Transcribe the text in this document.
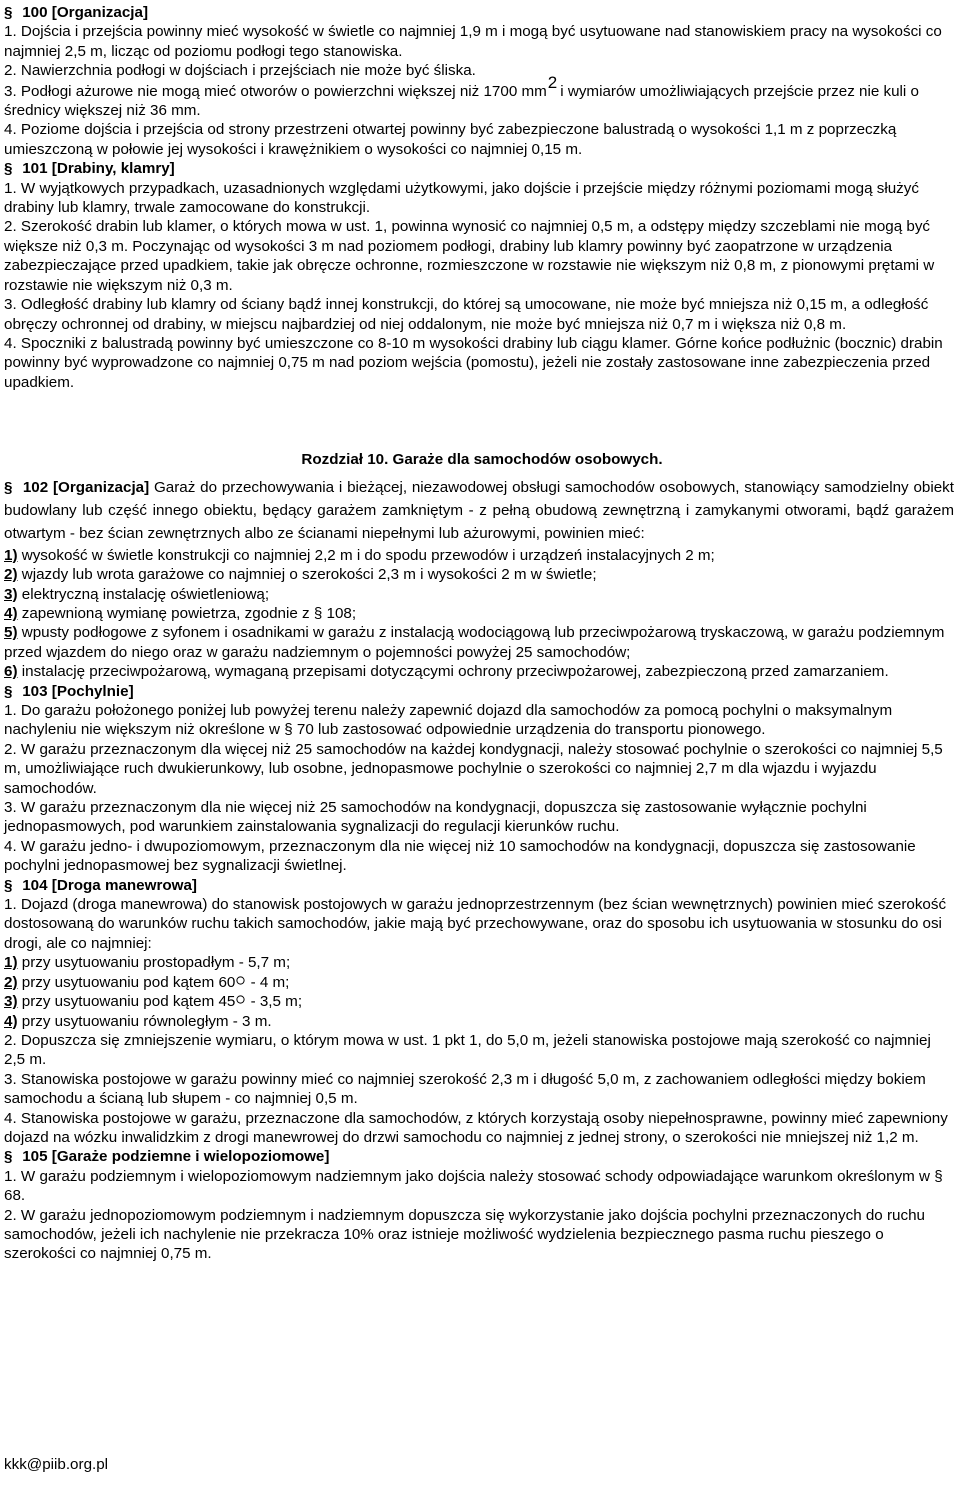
§ 100 [Organizacja]

1. Dojścia i przejścia powinny mieć wysokość w świetle co najmniej 1,9 m i mogą być usytuowane nad stanowiskiem pracy na wysokości co najmniej 2,5 m, licząc od poziomu podłogi tego stanowiska.

2. Nawierzchnia podłogi w dojściach i przejściach nie może być śliska.

3. Podłogi ażurowe nie mogą mieć otworów o powierzchni większej niż 1700 mm2 i wymiarów umożliwiających przejście przez nie kuli o średnicy większej niż 36 mm.

4. Poziome dojścia i przejścia od strony przestrzeni otwartej powinny być zabezpieczone balustradą o wysokości 1,1 m z poprzeczką umieszczoną w połowie jej wysokości i krawężnikiem o wysokości co najmniej 0,15 m.

§ 101 [Drabiny, klamry]

1. W wyjątkowych przypadkach, uzasadnionych względami użytkowymi, jako dojście i przejście między różnymi poziomami mogą służyć drabiny lub klamry, trwale zamocowane do konstrukcji.

2. Szerokość drabin lub klamer, o których mowa w ust. 1, powinna wynosić co najmniej 0,5 m, a odstępy między szczeblami nie mogą być większe niż 0,3 m. Poczynając od wysokości 3 m nad poziomem podłogi, drabiny lub klamry powinny być zaopatrzone w urządzenia zabezpieczające przed upadkiem, takie jak obręcze ochronne, rozmieszczone w rozstawie nie większym niż 0,8 m, z pionowymi prętami w rozstawie nie większym niż 0,3 m.

3. Odległość drabiny lub klamry od ściany bądź innej konstrukcji, do której są umocowane, nie może być mniejsza niż 0,15 m, a odległość obręczy ochronnej od drabiny, w miejscu najbardziej od niej oddalonym, nie może być mniejsza niż 0,7 m i większa niż 0,8 m.

4. Spoczniki z balustradą powinny być umieszczone co 8-10 m wysokości drabiny lub ciągu klamer. Górne końce podłużnic (bocznic) drabin powinny być wyprowadzone co najmniej 0,75 m nad poziom wejścia (pomostu), jeżeli nie zostały zastosowane inne zabezpieczenia przed upadkiem.

Rozdział 10. Garaże dla samochodów osobowych.

§ 102 [Organizacja] Garaż do przechowywania i bieżącej, niezawodowej obsługi samochodów osobowych, stanowiący samodzielny obiekt budowlany lub część innego obiektu, będący garażem zamkniętym - z pełną obudową zewnętrzną i zamykanymi otworami, bądź garażem otwartym - bez ścian zewnętrznych albo ze ścianami niepełnymi lub ażurowymi, powinien mieć:

1) wysokość w świetle konstrukcji co najmniej 2,2 m i do spodu przewodów i urządzeń instalacyjnych 2 m;
2) wjazdy lub wrota garażowe co najmniej o szerokości 2,3 m i wysokości 2 m w świetle;
3) elektryczną instalację oświetleniową;
4) zapewnioną wymianę powietrza, zgodnie z § 108;
5) wpusty podłogowe z syfonem i osadnikami w garażu z instalacją wodociągową lub przeciwpożarową tryskaczową, w garażu podziemnym przed wjazdem do niego oraz w garażu nadziemnym o pojemności powyżej 25 samochodów;
6) instalację przeciwpożarową, wymaganą przepisami dotyczącymi ochrony przeciwpożarowej, zabezpieczoną przed zamarzaniem.
§ 103 [Pochylnie]

1. Do garażu położonego poniżej lub powyżej terenu należy zapewnić dojazd dla samochodów za pomocą pochylni o maksymalnym nachyleniu nie większym niż określone w § 70 lub zastosować odpowiednie urządzenia do transportu pionowego.

2. W garażu przeznaczonym dla więcej niż 25 samochodów na każdej kondygnacji, należy stosować pochylnie o szerokości co najmniej 5,5 m, umożliwiające ruch dwukierunkowy, lub osobne, jednopasmowe pochylnie o szerokości co najmniej 2,7 m dla wjazdu i wyjazdu samochodów.

3. W garażu przeznaczonym dla nie więcej niż 25 samochodów na kondygnacji, dopuszcza się zastosowanie wyłącznie pochylni jednopasmowych, pod warunkiem zainstalowania sygnalizacji do regulacji kierunków ruchu.

4. W garażu jedno- i dwupoziomowym, przeznaczonym dla nie więcej niż 10 samochodów na kondygnacji, dopuszcza się zastosowanie pochylni jednopasmowej bez sygnalizacji świetlnej.

§ 104 [Droga manewrowa]

1. Dojazd (droga manewrowa) do stanowisk postojowych w garażu jednoprzestrzennym (bez ścian wewnętrznych) powinien mieć szerokość dostosowaną do warunków ruchu takich samochodów, jakie mają być przechowywane, oraz do sposobu ich usytuowania w stosunku do osi drogi, ale co najmniej:

1) przy usytuowaniu prostopadłym - 5,7 m;
2) przy usytuowaniu pod kątem 60 - 4 m;
3) przy usytuowaniu pod kątem 45 - 3,5 m;
4) przy usytuowaniu równoległym - 3 m.

2. Dopuszcza się zmniejszenie wymiaru, o którym mowa w ust. 1 pkt 1, do 5,0 m, jeżeli stanowiska postojowe mają szerokość co najmniej 2,5 m.

3. Stanowiska postojowe w garażu powinny mieć co najmniej szerokość 2,3 m i długość 5,0 m, z zachowaniem odległości między bokiem samochodu a ścianą lub słupem - co najmniej 0,5 m.

4. Stanowiska postojowe w garażu, przeznaczone dla samochodów, z których korzystają osoby niepełnosprawne, powinny mieć zapewniony dojazd na wózku inwalidzkim z drogi manewrowej do drzwi samochodu co najmniej z jednej strony, o szerokości nie mniejszej niż 1,2 m.

§ 105 [Garaże podziemne i wielopoziomowe]

1. W garażu podziemnym i wielopoziomowym nadziemnym jako dojścia należy stosować schody odpowiadające warunkom określonym w § 68.

2. W garażu jednopoziomowym podziemnym i nadziemnym dopuszcza się wykorzystanie jako dojścia pochylni przeznaczonych do ruchu samochodów, jeżeli ich nachylenie nie przekracza 10% oraz istnieje możliwość wydzielenia bezpiecznego pasma ruchu pieszego o szerokości co najmniej 0,75 m.

kkk@piib.org.pl
